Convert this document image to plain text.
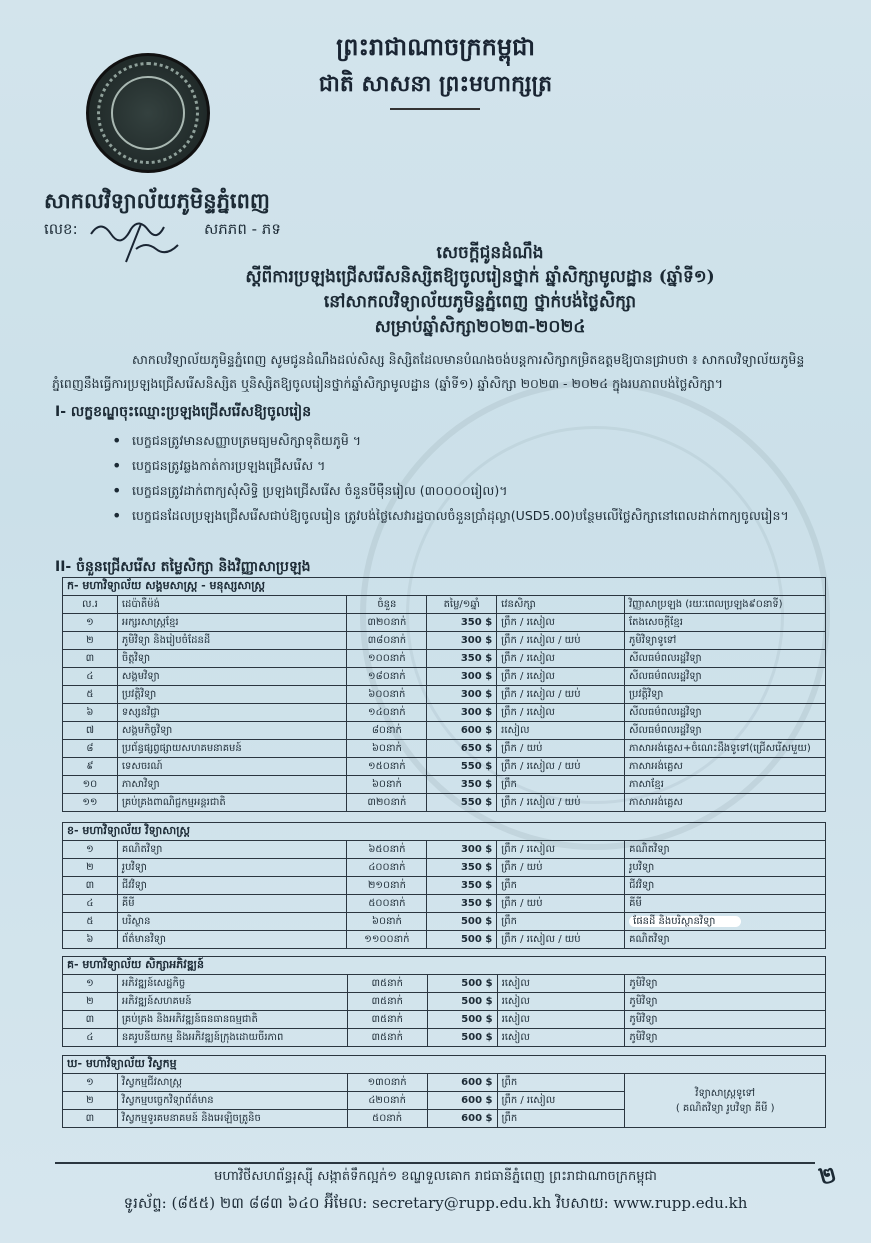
ព្រះរាជាណាចក្រកម្ពុជា
ជាតិ សាសនា ព្រះមហាក្សត្រ
សាកលវិទ្យាល័យភូមិន្ទភ្នំពេញ
លេខ:	សភភព - ភទ
សេចក្តីជូនដំណឹង
ស្តីពីការប្រឡងជ្រើសរើសនិស្សិតឱ្យចូលរៀនថ្នាក់ ឆ្នាំសិក្សាមូលដ្ឋាន (ឆ្នាំទី១)
នៅសាកលវិទ្យាល័យភូមិន្ទភ្នំពេញ ថ្នាក់បង់ថ្លៃសិក្សា
សម្រាប់ឆ្នាំសិក្សា២០២៣-២០២៤
សាកលវិទ្យាល័យភូមិន្ទភ្នំពេញ សូមជូនដំណឹងដល់សិស្ស និស្សិតដែលមានបំណងចង់បន្តការសិក្សាកម្រិតឧត្តមឱ្យបានជ្រាបថា ៖ សាកលវិទ្យាល័យភូមិន្ទភ្នំពេញនឹងធ្វើការប្រឡងជ្រើសរើសនិស្សិត ឬនិស្សិតឱ្យចូលរៀនថ្នាក់ឆ្នាំសិក្សាមូលដ្ឋាន (ឆ្នាំទី១) ឆ្នាំសិក្សា ២០២៣ - ២០២៤ ក្នុងរបភាពបង់ថ្លៃសិក្សា។
I- លក្ខខណ្ឌចុះឈ្មោះប្រឡងជ្រើសរើសឱ្យចូលរៀន
• បេក្ខជនត្រូវមានសញ្ញាបត្រមធ្យមសិក្សាទុតិយភូមិ ។
• បេក្ខជនត្រូវឆ្លងកាត់ការប្រឡងជ្រើសរើស ។
• បេក្ខជនត្រូវដាក់ពាក្យសុំសិទ្ធិ ប្រឡងជ្រើសរើស ចំនួនបីម៉ឺនរៀល (៣០០០០រៀល)។
• បេក្ខជនដែលប្រឡងជ្រើសរើសជាប់ឱ្យចូលរៀន ត្រូវបង់ថ្លៃសេវារដ្ឋបាលចំនួនប្រាំដុល្លា(USD5.00)បន្ថែមលើថ្លៃសិក្សានៅពេលដាក់ពាក្យចូលរៀន។
II- ចំនួនជ្រើសរើស តម្លៃសិក្សា និងវិញ្ញាសាប្រឡង
ក- មហាវិទ្យាល័យ សង្គមសាស្ត្រ - មនុស្សសាស្ត្រ					
ល.រ	ដេប៉ាតឺម៉ង់	ចំនួន	តម្លៃ/១ឆ្នាំ	វេនសិក្សា	វិញ្ញាសាប្រឡង (រយៈពេលប្រឡង៩០នាទី)
១	អក្សរសាស្ត្រខ្មែរ	៣២០នាក់	350 $	ព្រឹក / រសៀល	តែងសេចក្តីខ្មែរ
២	ភូមិវិទ្យា និងរៀបចំដែនដី	៣៨០នាក់	300 $	ព្រឹក / រសៀល / យប់	ភូមិវិទ្យាទូទៅ
៣	ចិត្តវិទ្យា	១០០នាក់	350 $	ព្រឹក / រសៀល	សីលធម៌ពលរដ្ឋវិទ្យា
៤	សង្គមវិទ្យា	១៨០នាក់	300 $	ព្រឹក / រសៀល	សីលធម៌ពលរដ្ឋវិទ្យា
៥	ប្រវត្តិវិទ្យា	៦០០នាក់	300 $	ព្រឹក / រសៀល / យប់	ប្រវត្តិវិទ្យា
៦	ទស្សនវិជ្ជា	១៤០នាក់	300 $	ព្រឹក / រសៀល	សីលធម៌ពលរដ្ឋវិទ្យា
៧	សង្គមកិច្ចវិទ្យា	៨០នាក់	600 $	រសៀល	សីលធម៌ពលរដ្ឋវិទ្យា
៨	ប្រព័ន្ធផ្សព្វផ្សាយសហគមនាគមន៍	៦០នាក់	650 $	ព្រឹក / យប់	ភាសាអង់គ្លេស+ចំណេះដឹងទូទៅ(ជ្រើសរើសមួយ)
៩	ទេសចរណ៍	១៥០នាក់	550 $	ព្រឹក / រសៀល / យប់	ភាសាអង់គ្លេស
១០	ភាសាវិទ្យា	៦០នាក់	350 $	ព្រឹក	ភាសាខ្មែរ
១១	គ្រប់គ្រងពាណិជ្ជកម្មអន្តរជាតិ	៣២០នាក់	550 $	ព្រឹក / រសៀល / យប់	ភាសាអង់គ្លេស
ខ- មហាវិទ្យាល័យ វិទ្យាសាស្ត្រ					
១	គណិតវិទ្យា	៦៥០នាក់	300 $	ព្រឹក / រសៀល	គណិតវិទ្យា
២	រូបវិទ្យា	៤០០នាក់	350 $	ព្រឹក / យប់	រូបវិទ្យា
៣	ជីវវិទ្យា	២១០នាក់	350 $	ព្រឹក	ជីវវិទ្យា
៤	គីមី	៥០០នាក់	350 $	ព្រឹក / យប់	គីមី
៥	បរិស្ថាន	៦០នាក់	500 $	ព្រឹក	ផែនដី និងបរិស្ថានវិទ្យា
៦	ព័ត៌មានវិទ្យា	១១០០នាក់	500 $	ព្រឹក / រសៀល / យប់	គណិតវិទ្យា
គ- មហាវិទ្យាល័យ សិក្សាអភិវឌ្ឍន៍					
១	អភិវឌ្ឍន៍សេដ្ឋកិច្ច	៣៥នាក់	500 $	រសៀល	ភូមិវិទ្យា
២	អភិវឌ្ឍន៍សហគមន៍	៣៥នាក់	500 $	រសៀល	ភូមិវិទ្យា
៣	គ្រប់គ្រង និងអភិវឌ្ឍន៍ធនធានធម្មជាតិ	៣៥នាក់	500 $	រសៀល	ភូមិវិទ្យា
៤	នគរូបនីយកម្ម និងអភិវឌ្ឍន៍ក្រុងដោយចីរភាព	៣៥នាក់	500 $	រសៀល	ភូមិវិទ្យា
ឃ- មហាវិទ្យាល័យ វិស្វកម្ម					
១	វិស្វកម្មជីវសាស្ត្រ	១៣០នាក់	600 $	ព្រឹក	វិទ្យាសាស្ត្រទូទៅ
( គណិតវិទ្យា រូបវិទ្យា គីមី )

២	វិស្វកម្មបច្ចេកវិទ្យាព័ត៌មាន	៤២០នាក់	600 $	ព្រឹក / រសៀល	
៣	វិស្វកម្មទូរគមនាគមន៍ និងអេឡិចត្រូនិច	៥០នាក់	600 $	ព្រឹក	
មហាវិថីសហព័ន្ធរុស្ស៊ី សង្កាត់ទឹកល្អក់១ ខណ្ឌទួលគោក រាជធានីភ្នំពេញ ព្រះរាជាណាចក្រកម្ពុជា
ទូរស័ព្ទ: (៨៥៥) ២៣ ៨៨៣ ៦៤០ អ៊ីមែល: secretary@rupp.edu.kh វិបសាយ: www.rupp.edu.kh
២
